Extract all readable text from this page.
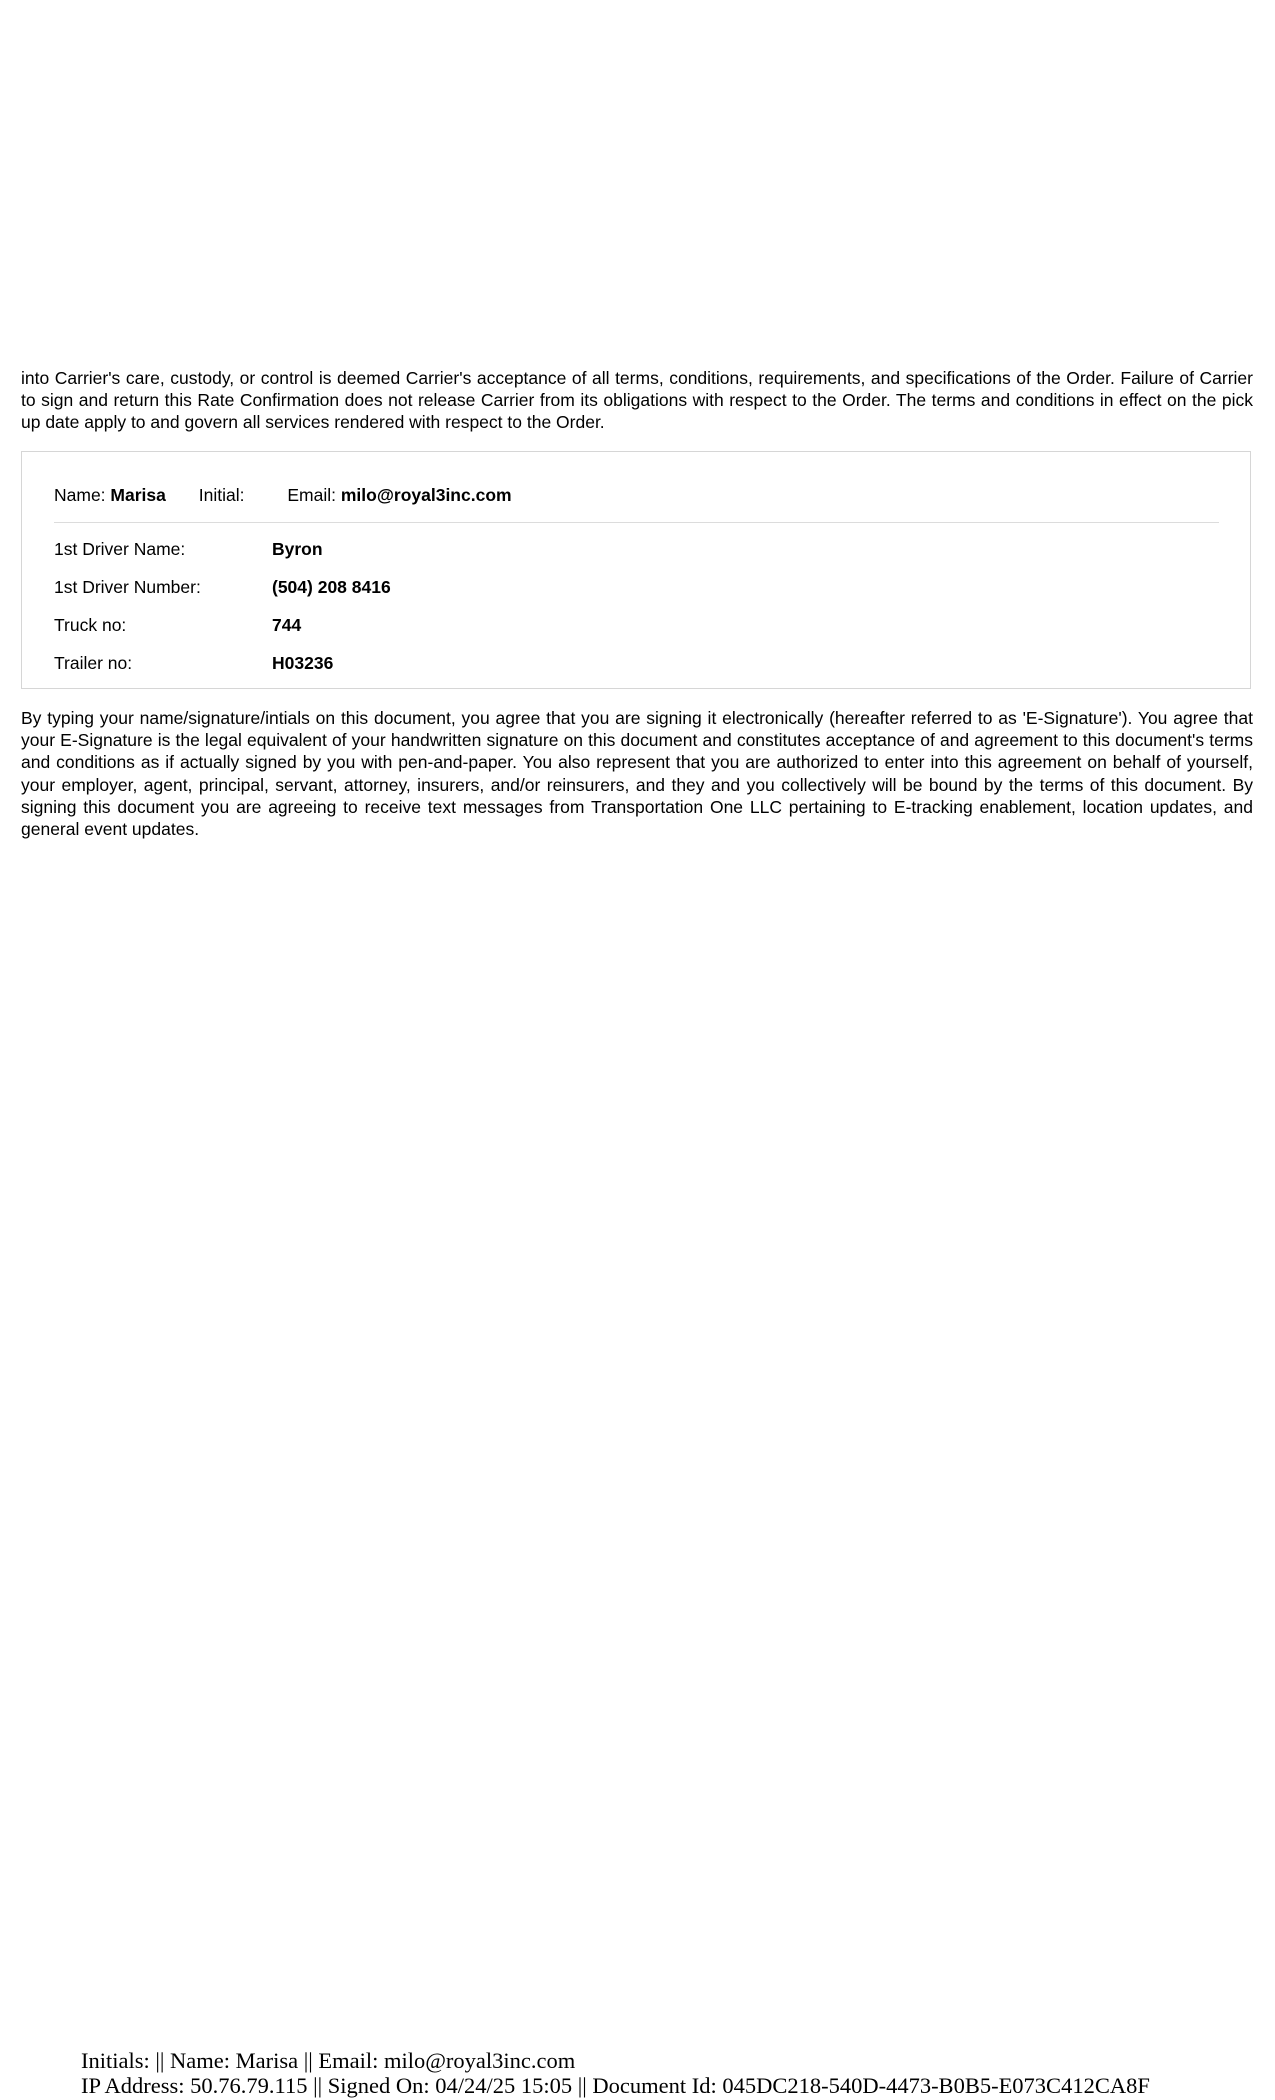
into Carrier's care, custody, or control is deemed Carrier's acceptance of all terms, conditions, requirements, and specifications of the Order. Failure of Carrier to sign and return this Rate Confirmation does not release Carrier from its obligations with respect to the Order. The terms and conditions in effect on the pick up date apply to and govern all services rendered with respect to the Order.

Name: Marisa Initial: Email: milo@royal3inc.com
1st Driver Name:	Byron
1st Driver Number:	(504) 208 8416
Truck no:	744
Trailer no:	H03236

By typing your name/signature/intials on this document, you agree that you are signing it electronically (hereafter referred to as 'E-Signature'). You agree that your E-Signature is the legal equivalent of your handwritten signature on this document and constitutes acceptance of and agreement to this document's terms and conditions as if actually signed by you with pen-and-paper. You also represent that you are authorized to enter into this agreement on behalf of yourself, your employer, agent, principal, servant, attorney, insurers, and/or reinsurers, and they and you collectively will be bound by the terms of this document. By signing this document you are agreeing to receive text messages from Transportation One LLC pertaining to E-tracking enablement, location updates, and general event updates.

Initials: || Name: Marisa || Email: milo@royal3inc.com
IP Address: 50.76.79.115 || Signed On: 04/24/25 15:05 || Document Id: 045DC218-540D-4473-B0B5-E073C412CA8F
